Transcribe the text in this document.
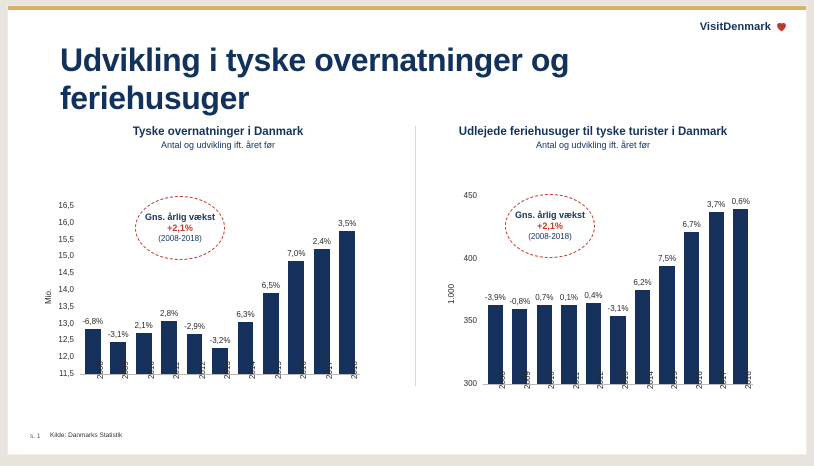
VisitDenmark
Udvikling i tyske overnatninger og feriehusuger
Tyske overnatninger i Danmark
Antal og udvikling ift. året før
Mio.
11,5
12,0
12,5
13,0
13,5
14,0
14,5
15,0
15,5
16,0
16,5
-6,8%
2008
-3,1%
2009
2,1%
2010
2,8%
2011
-2,9%
2012
-3,2%
2013
6,3%
2014
6,5%
2015
7,0%
2016
2,4%
2017
3,5%
2018
Gns. årlig vækst
+2,1%
(2008-2018)
Udlejede feriehusuger til tyske turister i Danmark
Antal og udvikling ift. året før
1.000
300
350
400
450
-3,9%
2008
-0,8%
2009
0,7%
2010
0,1%
2011
0,4%
2012
-3,1%
2013
6,2%
2014
7,5%
2015
6,7%
2016
3,7%
2017
0,6%
2018
Gns. årlig vækst
+2,1%
(2008-2018)
s. 1 Kilde: Danmarks Statistik
